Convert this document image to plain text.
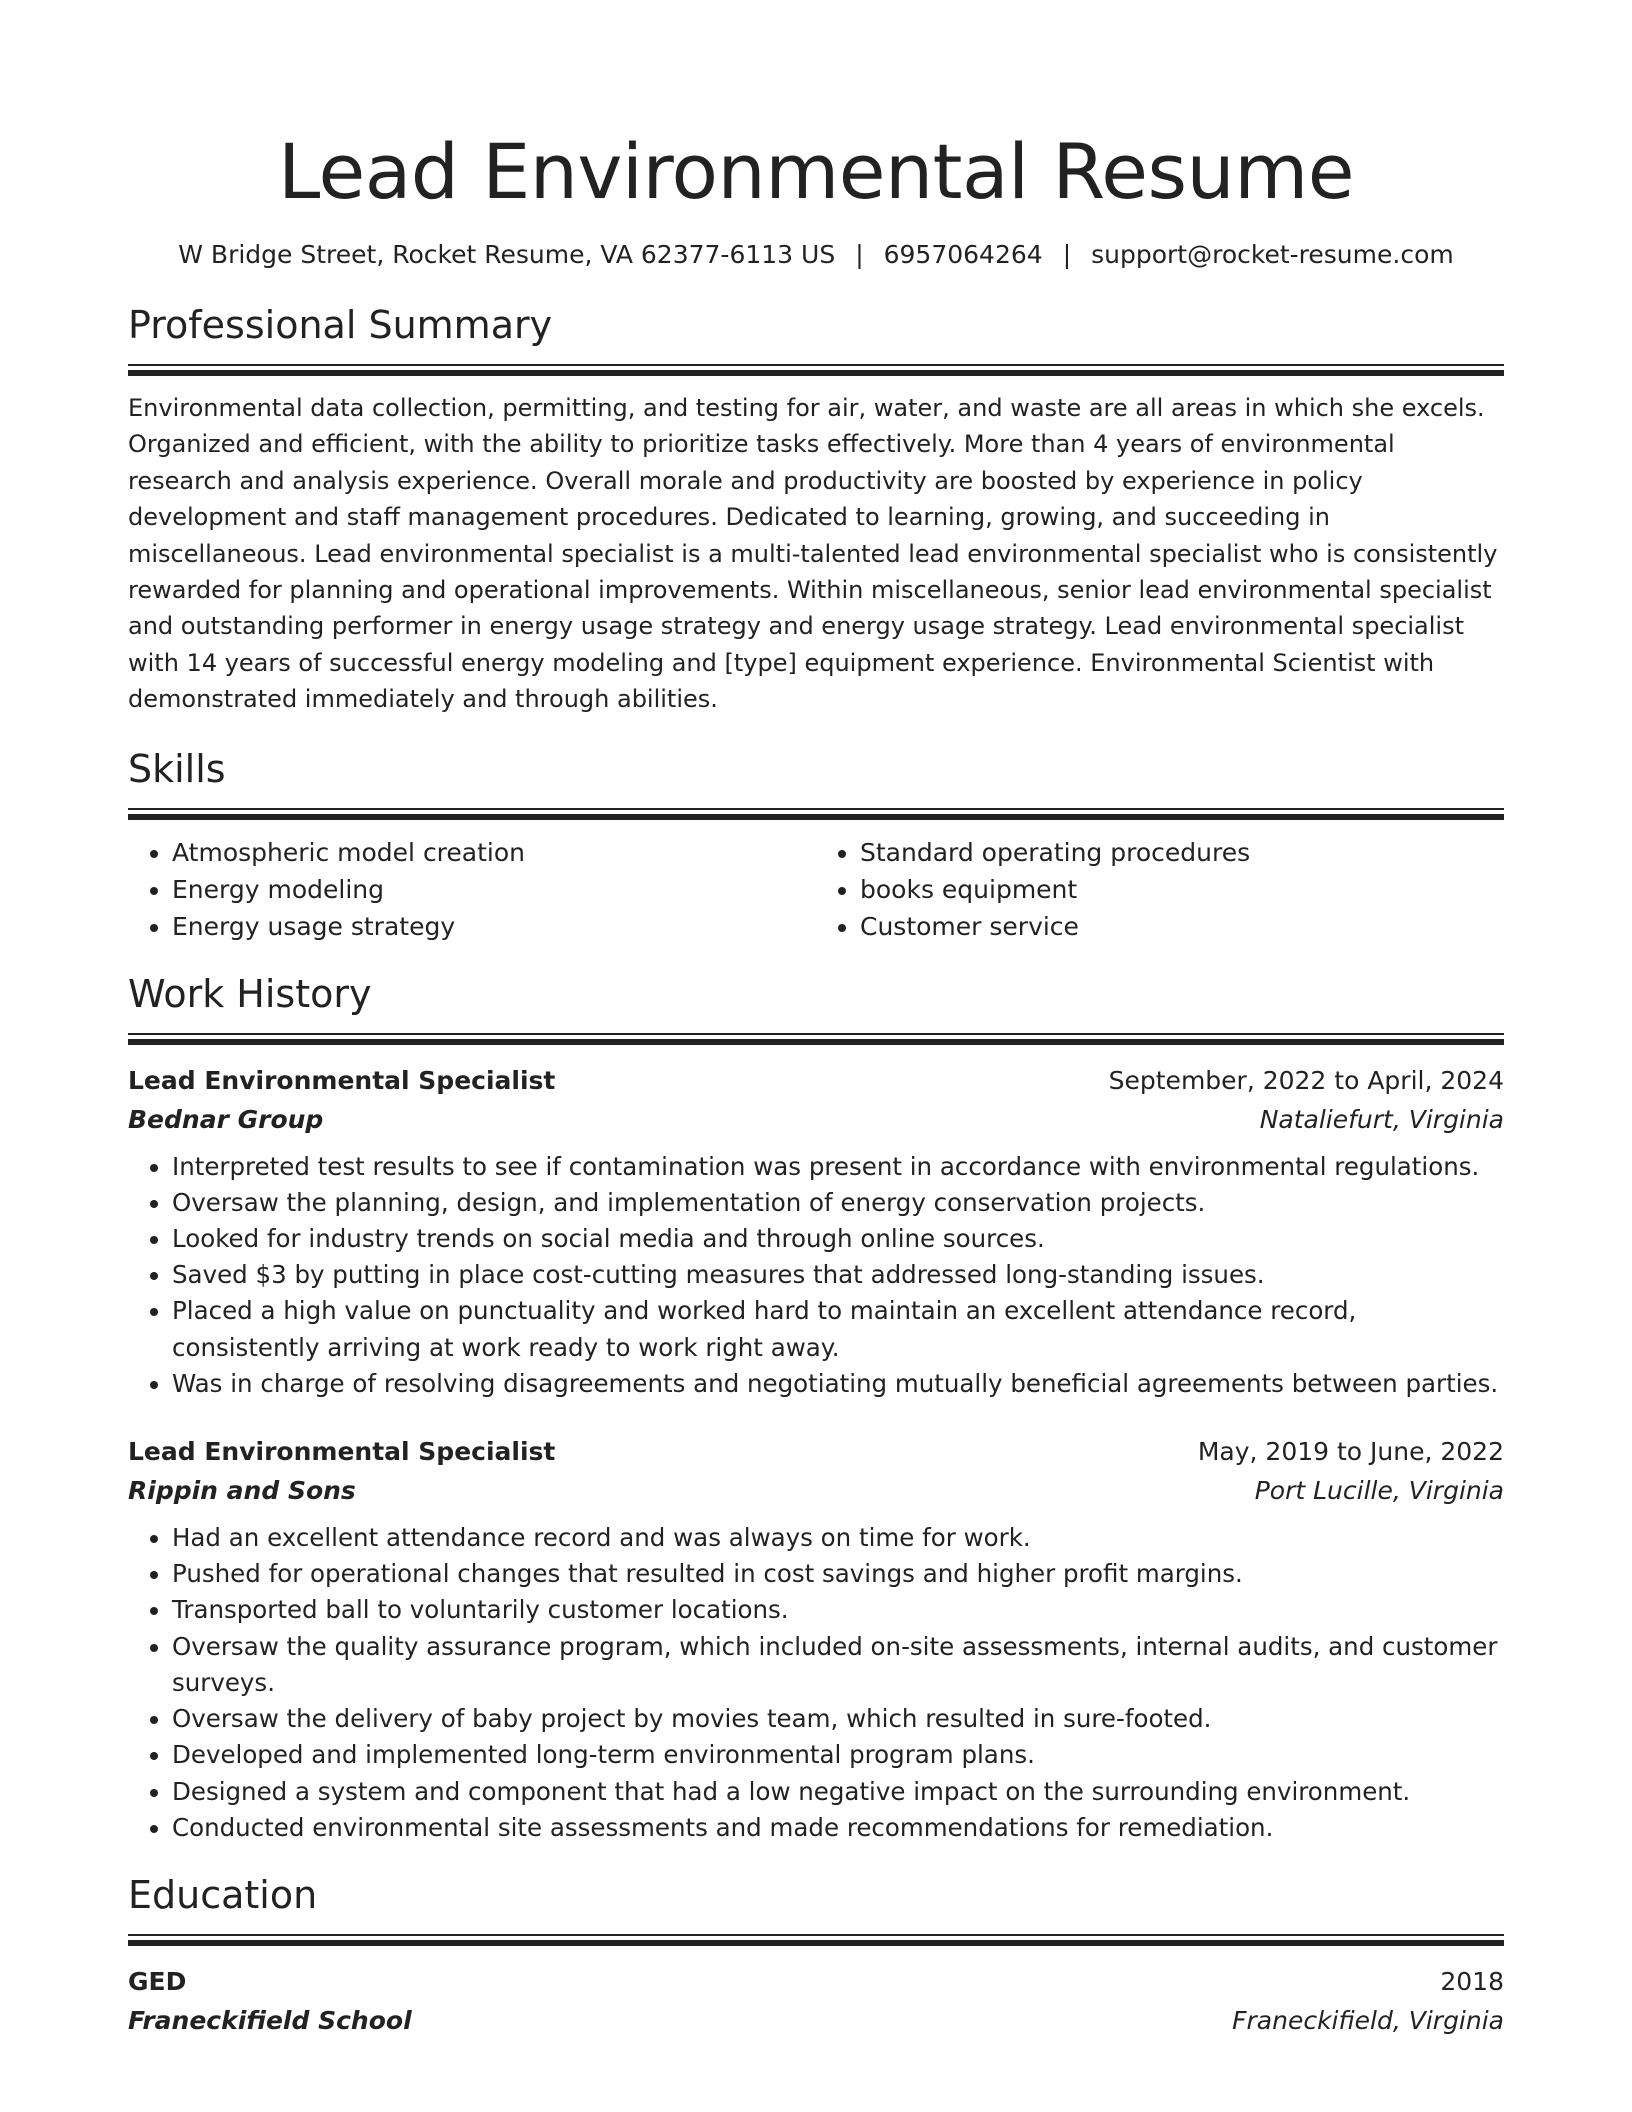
Lead Environmental Resume
W Bridge Street, Rocket Resume, VA 62377-6113 US | 6957064264 | support@rocket-resume.com
Professional Summary
Environmental data collection, permitting, and testing for air, water, and waste are all areas in which she excels. Organized and efficient, with the ability to prioritize tasks effectively. More than 4 years of environmental research and analysis experience. Overall morale and productivity are boosted by experience in policy development and staff management procedures. Dedicated to learning, growing, and succeeding in miscellaneous. Lead environmental specialist is a multi-talented lead environmental specialist who is consistently rewarded for planning and operational improvements. Within miscellaneous, senior lead environmental specialist and outstanding performer in energy usage strategy and energy usage strategy. Lead environmental specialist with 14 years of successful energy modeling and [type] equipment experience. Environmental Scientist with demonstrated immediately and through abilities.
Skills
• Atmospheric model creation
• Energy modeling
• Energy usage strategy
• Standard operating procedures
• books equipment
• Customer service
Work History
Lead Environmental Specialist	September, 2022 to April, 2024
Bednar Group	Nataliefurt, Virginia
• Interpreted test results to see if contamination was present in accordance with environmental regulations.
• Oversaw the planning, design, and implementation of energy conservation projects.
• Looked for industry trends on social media and through online sources.
• Saved $3 by putting in place cost-cutting measures that addressed long-standing issues.
• Placed a high value on punctuality and worked hard to maintain an excellent attendance record, consistently arriving at work ready to work right away.
• Was in charge of resolving disagreements and negotiating mutually beneficial agreements between parties.
Lead Environmental Specialist	May, 2019 to June, 2022
Rippin and Sons	Port Lucille, Virginia
• Had an excellent attendance record and was always on time for work.
• Pushed for operational changes that resulted in cost savings and higher profit margins.
• Transported ball to voluntarily customer locations.
• Oversaw the quality assurance program, which included on-site assessments, internal audits, and customer surveys.
• Oversaw the delivery of baby project by movies team, which resulted in sure-footed.
• Developed and implemented long-term environmental program plans.
• Designed a system and component that had a low negative impact on the surrounding environment.
• Conducted environmental site assessments and made recommendations for remediation.
Education
GED	2018
Franeckifield School	Franeckifield, Virginia
